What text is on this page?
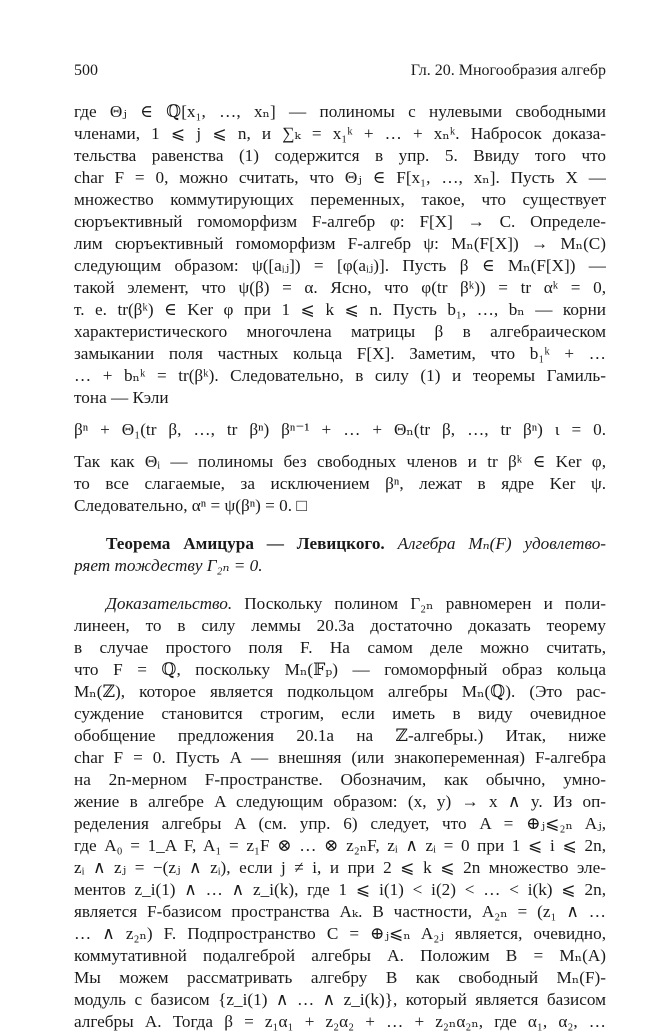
500	Гл. 20. Многообразия алгебр
где Θⱼ ∈ ℚ[x₁, …, xₙ] — полиномы с нулевыми свободными
членами, 1 ⩽ j ⩽ n, и ∑ₖ = x₁ᵏ + … + xₙᵏ. Набросок доказа-
тельства равенства (1) содержится в упр. 5. Ввиду того что
char F = 0, можно считать, что Θⱼ ∈ F[x₁, …, xₙ]. Пусть X —
множество коммутирующих переменных, такое, что существует
сюръективный гомоморфизм F-алгебр φ: F[X] → C. Определе-
лим сюръективный гомоморфизм F-алгебр ψ: Mₙ(F[X]) → Mₙ(C)
следующим образом: ψ([aᵢⱼ]) = [φ(aᵢⱼ)]. Пусть β ∈ Mₙ(F[X]) —
такой элемент, что ψ(β) = α. Ясно, что φ(tr βᵏ)) = tr αᵏ = 0,
т. е. tr(βᵏ) ∈ Ker φ при 1 ⩽ k ⩽ n. Пусть b₁, …, bₙ — корни
характеристического многочлена матрицы β в алгебраическом
замыкании поля частных кольца F[X]. Заметим, что b₁ᵏ + …
… + bₙᵏ = tr(βᵏ). Следовательно, в силу (1) и теоремы Гамиль-
тона — Кэли
βⁿ + Θ₁(tr β, …, tr βⁿ) βⁿ⁻¹ + … + Θₙ(tr β, …, tr βⁿ) ι = 0.
Так как Θᵢ — полиномы без свободных членов и tr βᵏ ∈ Ker φ,
то все слагаемые, за исключением βⁿ, лежат в ядре Ker ψ.
Следовательно, αⁿ = ψ(βⁿ) = 0. □
Теорема Амицура — Левицкого. Алгебра Mₙ(F) удовлетво-
ряет тождеству Γ₂ₙ = 0.
Доказательство. Поскольку полином Γ₂ₙ равномерен и поли-
линеен, то в силу леммы 20.3а достаточно доказать теорему
в случае простого поля F. На самом деле можно считать,
что F = ℚ, поскольку Mₙ(𝔽ₚ) — гомоморфный образ кольца
Mₙ(ℤ), которое является подкольцом алгебры Mₙ(ℚ). (Это рас-
суждение становится строгим, если иметь в виду очевидное
обобщение предложения 20.1а на ℤ-алгебры.) Итак, ниже
char F = 0. Пусть A — внешняя (или знакопеременная) F-алгебра
на 2n-мерном F-пространстве. Обозначим, как обычно, умно-
жение в алгебре A следующим образом: (x, y) → x ∧ y. Из оп-
ределения алгебры A (см. упр. 6) следует, что A = ⊕ⱼ⩽₂ₙ Aⱼ,
где A₀ = 1_A F, A₁ = z₁F ⊗ … ⊗ z₂ₙF, zᵢ ∧ zᵢ = 0 при 1 ⩽ i ⩽ 2n,
zᵢ ∧ zⱼ = −(zⱼ ∧ zᵢ), если j ≠ i, и при 2 ⩽ k ⩽ 2n множество эле-
ментов z_i(1) ∧ … ∧ z_i(k), где 1 ⩽ i(1) < i(2) < … < i(k) ⩽ 2n,
является F-базисом пространства Aₖ. В частности, A₂ₙ = (z₁ ∧ …
… ∧ z₂ₙ) F. Подпространство C = ⊕ⱼ⩽ₙ A₂ⱼ является, очевидно,
коммутативной подалгеброй алгебры A. Положим B = Mₙ(A)
Мы можем рассматривать алгебру B как свободный Mₙ(F)-
модуль с базисом {z_i(1) ∧ … ∧ z_i(k)}, который является базисом
алгебры A. Тогда β = z₁α₁ + z₂α₂ + … + z₂ₙα₂ₙ, где α₁, α₂, …
